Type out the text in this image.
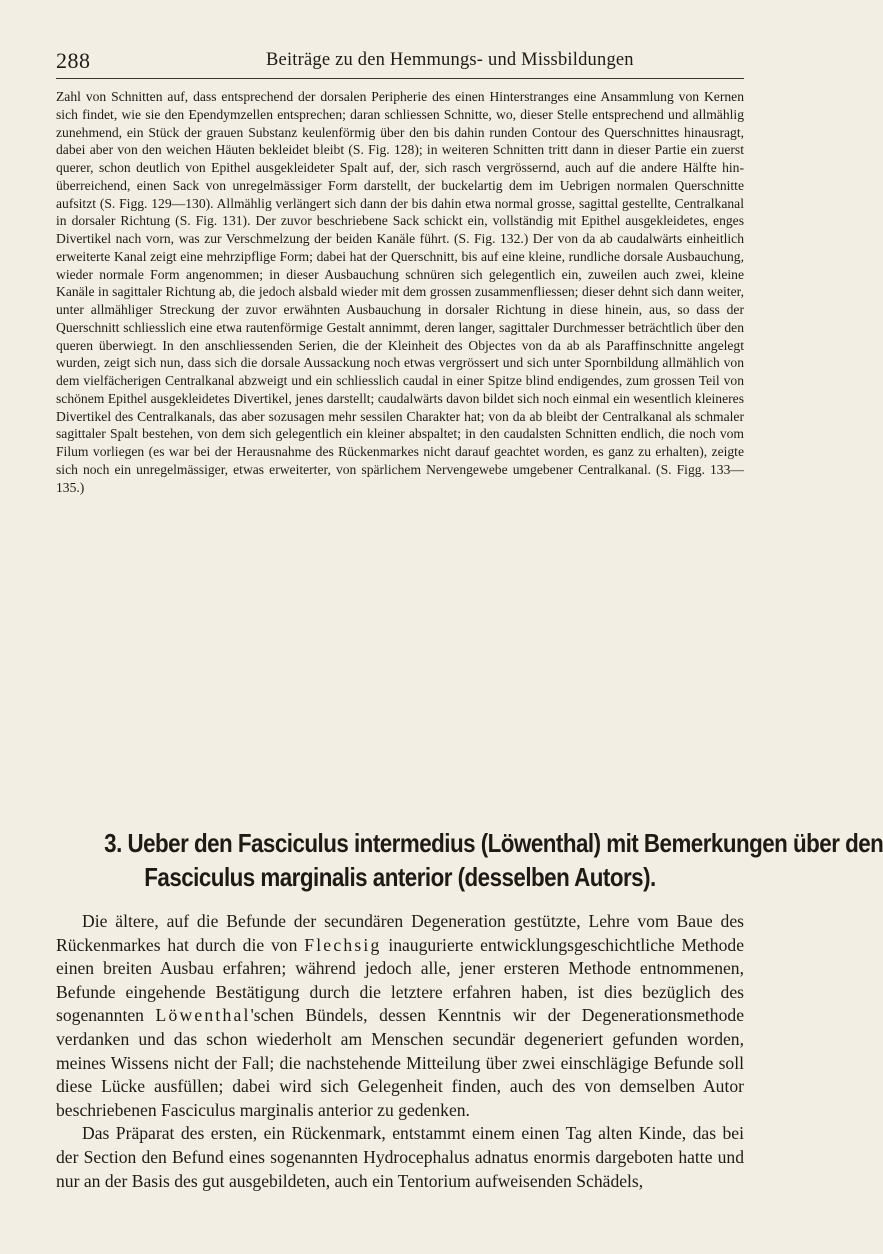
288	Beiträge zu den Hemmungs- und Missbildungen

Zahl von Schnitten auf, dass entsprechend der dorsalen Peripherie des einen Hinterstranges eine Ansammlung von Kernen sich findet, wie sie den Ependymzellen entsprechen; daran schliessen Schnitte, wo, dieser Stelle entsprechend und allmählig zunehmend, ein Stück der grauen Substanz keulenförmig über den bis dahin runden Contour des Querschnittes hinausragt, dabei aber von den weichen Häuten bekleidet bleibt (S. Fig. 128); in weiteren Schnitten tritt dann in dieser Partie ein zuerst querer, schon deutlich von Epithel ausgekleideter Spalt auf, der, sich rasch vergrössernd, auch auf die andere Hälfte hinüberreichend, einen Sack von unregelmässiger Form darstellt, der buckelartig dem im Uebrigen normalen Querschnitte aufsitzt (S. Figg. 129—130). Allmählig verlängert sich dann der bis dahin etwa normal grosse, sagittal gestellte, Centralkanal in dorsaler Richtung (S. Fig. 131). Der zuvor beschriebene Sack schickt ein, vollständig mit Epithel ausgekleidetes, enges Divertikel nach vorn, was zur Verschmelzung der beiden Kanäle führt. (S. Fig. 132.) Der von da ab caudalwärts einheitlich erweiterte Kanal zeigt eine mehrzipflige Form; dabei hat der Querschnitt, bis auf eine kleine, rundliche dorsale Ausbauchung, wieder normale Form angenommen; in dieser Ausbauchung schnüren sich gelegentlich ein, zuweilen auch zwei, kleine Kanäle in sagittaler Richtung ab, die jedoch alsbald wieder mit dem grossen zusammenfliessen; dieser dehnt sich dann weiter, unter allmähliger Streckung der zuvor erwähnten Ausbauchung in dorsaler Richtung in diese hinein, aus, so dass der Querschnitt schliesslich eine etwa rautenförmige Gestalt annimmt, deren langer, sagittaler Durchmesser beträchtlich über den queren überwiegt. In den anschliessenden Serien, die der Kleinheit des Objectes von da ab als Paraffinschnitte angelegt wurden, zeigt sich nun, dass sich die dorsale Aussackung noch etwas vergrössert und sich unter Spornbildung allmählich von dem vielfächerigen Centralkanal abzweigt und ein schliesslich caudal in einer Spitze blind endigendes, zum grossen Teil von schönem Epithel ausgekleidetes Divertikel, jenes darstellt; caudalwärts davon bildet sich noch einmal ein wesentlich kleineres Divertikel des Centralkanals, das aber sozusagen mehr sessilen Charakter hat; von da ab bleibt der Centralkanal als schmaler sagittaler Spalt bestehen, von dem sich gelegentlich ein kleiner abspaltet; in den caudalsten Schnitten endlich, die noch vom Filum vorliegen (es war bei der Herausnahme des Rückenmarkes nicht darauf geachtet worden, es ganz zu erhalten), zeigte sich noch ein unregelmässiger, etwas erweiterter, von spärlichem Nervengewebe umgebener Centralkanal. (S. Figg. 133—135.)

3. Ueber den Fasciculus intermedius (Löwenthal) mit Bemerkungen über den
Fasciculus marginalis anterior (desselben Autors).

Die ältere, auf die Befunde der secundären Degeneration gestützte, Lehre vom Baue des Rückenmarkes hat durch die von Flechsig inaugurierte entwicklungsgeschichtliche Methode einen breiten Ausbau erfahren; während jedoch alle, jener ersteren Methode entnommenen, Befunde eingehende Bestätigung durch die letztere erfahren haben, ist dies bezüglich des sogenannten Löwenthal'schen Bündels, dessen Kenntnis wir der Degenerationsmethode verdanken und das schon wiederholt am Menschen secundär degeneriert gefunden worden, meines Wissens nicht der Fall; die nachstehende Mitteilung über zwei einschlägige Befunde soll diese Lücke ausfüllen; dabei wird sich Gelegenheit finden, auch des von demselben Autor beschriebenen Fasciculus marginalis anterior zu gedenken.

Das Präparat des ersten, ein Rückenmark, entstammt einem einen Tag alten Kinde, das bei der Section den Befund eines sogenannten Hydrocephalus adnatus enormis dargeboten hatte und nur an der Basis des gut ausgebildeten, auch ein Tentorium aufweisenden Schädels,
